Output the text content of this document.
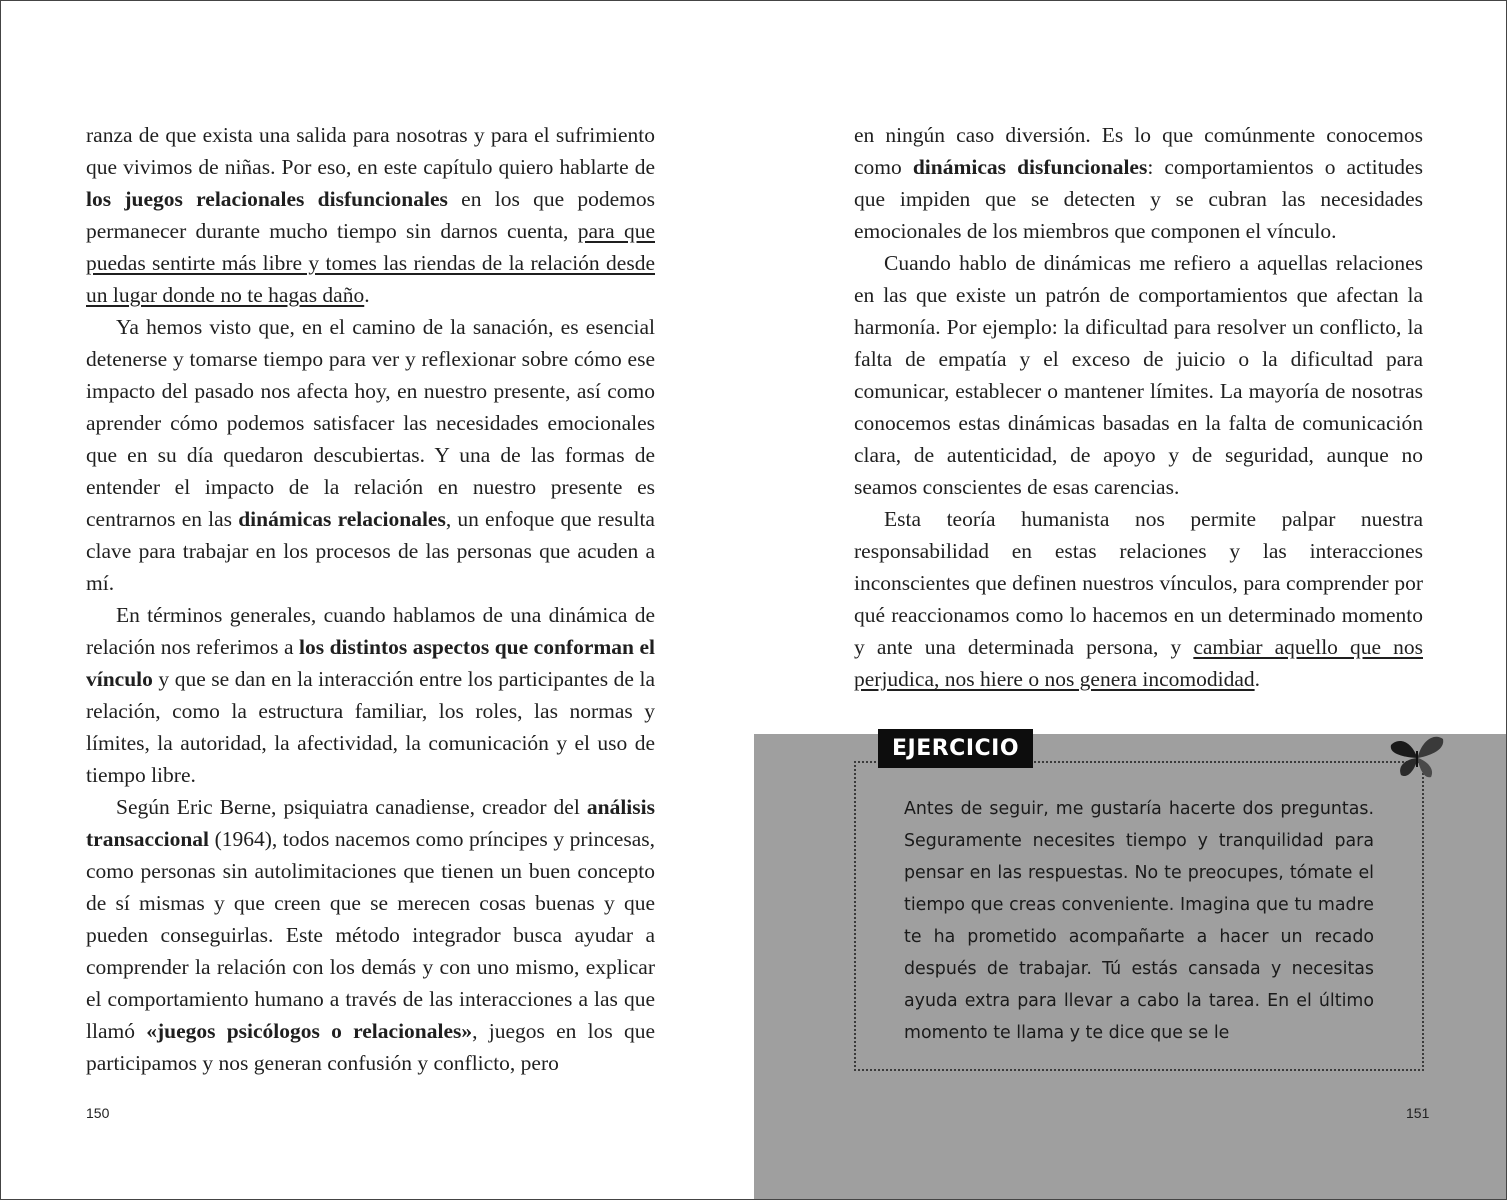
ranza de que exista una salida para nosotras y para el sufrimiento que vivimos de niñas. Por eso, en este capítulo quiero hablarte de los juegos relacionales disfuncionales en los que podemos permanecer durante mucho tiempo sin darnos cuenta, para que puedas sentirte más libre y tomes las riendas de la relación desde un lugar donde no te hagas daño.

Ya hemos visto que, en el camino de la sanación, es esencial detenerse y tomarse tiempo para ver y reflexionar sobre cómo ese impacto del pasado nos afecta hoy, en nuestro presente, así como aprender cómo podemos satisfacer las necesidades emocionales que en su día quedaron descubiertas. Y una de las formas de entender el impacto de la relación en nuestro presente es centrarnos en las dinámicas relacionales, un enfoque que resulta clave para trabajar en los procesos de las personas que acuden a mí.

En términos generales, cuando hablamos de una dinámica de relación nos referimos a los distintos aspectos que conforman el vínculo y que se dan en la interacción entre los participantes de la relación, como la estructura familiar, los roles, las normas y límites, la autoridad, la afectividad, la comunicación y el uso de tiempo libre.

Según Eric Berne, psiquiatra canadiense, creador del análisis transaccional (1964), todos nacemos como príncipes y princesas, como personas sin autolimitaciones que tienen un buen concepto de sí mismas y que creen que se merecen cosas buenas y que pueden conseguirlas. Este método integrador busca ayudar a comprender la relación con los demás y con uno mismo, explicar el comportamiento humano a través de las interacciones a las que llamó «juegos psicólogos o relacionales», juegos en los que participamos y nos generan confusión y conflicto, pero

150

en ningún caso diversión. Es lo que comúnmente conocemos como dinámicas disfuncionales: comportamientos o actitudes que impiden que se detecten y se cubran las necesidades emocionales de los miembros que componen el vínculo.

Cuando hablo de dinámicas me refiero a aquellas relaciones en las que existe un patrón de comportamientos que afectan la harmonía. Por ejemplo: la dificultad para resolver un conflicto, la falta de empatía y el exceso de juicio o la dificultad para comunicar, establecer o mantener límites. La mayoría de nosotras conocemos estas dinámicas basadas en la falta de comunicación clara, de autenticidad, de apoyo y de seguridad, aunque no seamos conscientes de esas carencias.

Esta teoría humanista nos permite palpar nuestra responsabilidad en estas relaciones y las interacciones inconscientes que definen nuestros vínculos, para comprender por qué reaccionamos como lo hacemos en un determinado momento y ante una determinada persona, y cambiar aquello que nos perjudica, nos hiere o nos genera incomodidad.

EJERCICIO

Antes de seguir, me gustaría hacerte dos preguntas. Seguramente necesites tiempo y tranquilidad para pensar en las respuestas. No te preocupes, tómate el tiempo que creas conveniente. Imagina que tu madre te ha prometido acompañarte a hacer un recado después de trabajar. Tú estás cansada y necesitas ayuda extra para llevar a cabo la tarea. En el último momento te llama y te dice que se le

151
